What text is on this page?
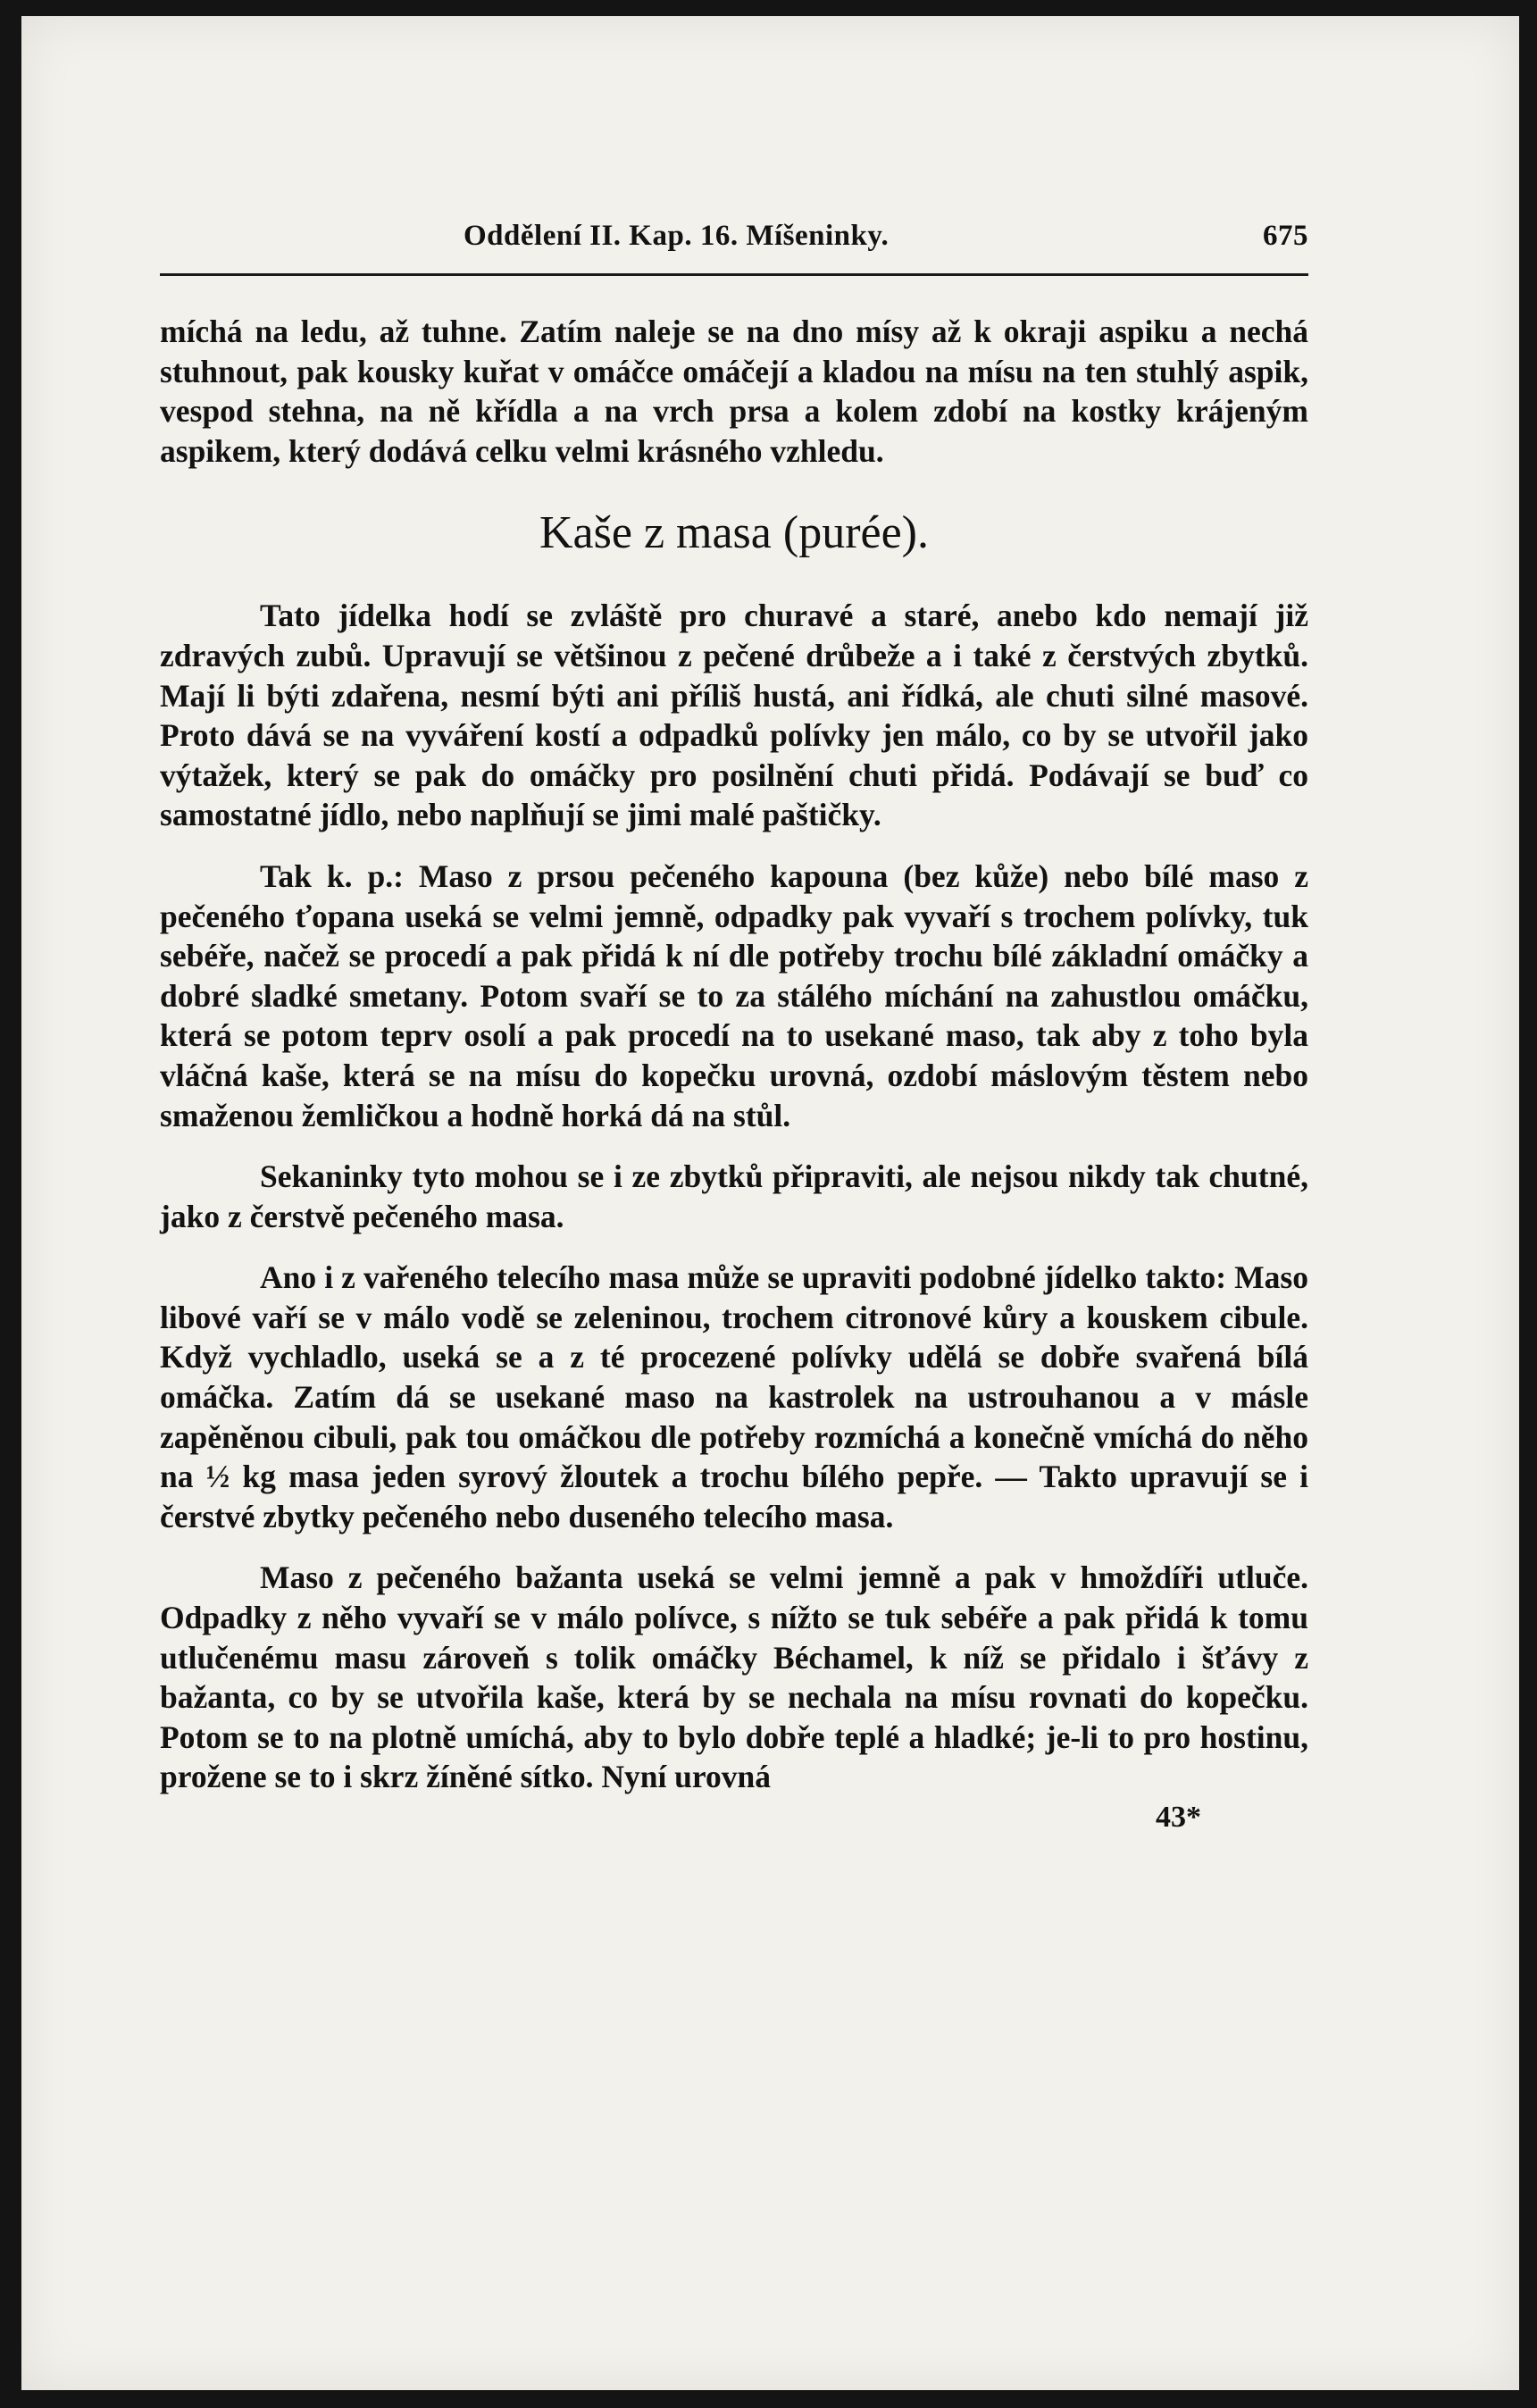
Oddělení II. Kap. 16. Míšeninky.	675

míchá na ledu, až tuhne. Zatím naleje se na dno mísy až k okraji aspiku a nechá stuhnout, pak kousky kuřat v omáčce omáčejí a kladou na mísu na ten stuhlý aspik, vespod stehna, na ně křídla a na vrch prsa a kolem zdobí na kostky krájeným aspikem, který dodává celku velmi krásného vzhledu.

Kaše z masa (purée).

Tato jídelka hodí se zvláště pro churavé a staré, anebo kdo nemají již zdravých zubů. Upravují se většinou z pečené drůbeže a i také z čerstvých zbytků. Mají li býti zdařena, nesmí býti ani příliš hustá, ani řídká, ale chuti silné masové. Proto dává se na vyváření kostí a odpadků polívky jen málo, co by se utvořil jako výtažek, který se pak do omáčky pro posilnění chuti přidá. Podávají se buď co samostatné jídlo, nebo naplňují se jimi malé paštičky.

Tak k. p.: Maso z prsou pečeného kapouna (bez kůže) nebo bílé maso z pečeného ťopana useká se velmi jemně, odpadky pak vyvaří s trochem polívky, tuk sebéře, načež se procedí a pak přidá k ní dle potřeby trochu bílé základní omáčky a dobré sladké smetany. Potom svaří se to za stálého míchání na zahustlou omáčku, která se potom teprv osolí a pak procedí na to usekané maso, tak aby z toho byla vláčná kaše, která se na mísu do kopečku urovná, ozdobí máslovým těstem nebo smaženou žemličkou a hodně horká dá na stůl.

Sekaninky tyto mohou se i ze zbytků připraviti, ale nejsou nikdy tak chutné, jako z čerstvě pečeného masa.

Ano i z vařeného telecího masa může se upraviti podobné jídelko takto: Maso libové vaří se v málo vodě se zeleninou, trochem citronové kůry a kouskem cibule. Když vychladlo, useká se a z té procezené polívky udělá se dobře svařená bílá omáčka. Zatím dá se usekané maso na kastrolek na ustrouhanou a v másle zapěněnou cibuli, pak tou omáčkou dle potřeby rozmíchá a konečně vmíchá do něho na ½ kg masa jeden syrový žloutek a trochu bílého pepře. — Takto upravují se i čerstvé zbytky pečeného nebo duseného telecího masa.

Maso z pečeného bažanta useká se velmi jemně a pak v hmoždíři utluče. Odpadky z něho vyvaří se v málo polívce, s nížto se tuk sebéře a pak přidá k tomu utlučenému masu zároveň s tolik omáčky Béchamel, k níž se přidalo i šťávy z bažanta, co by se utvořila kaše, která by se nechala na mísu rovnati do kopečku. Potom se to na plotně umíchá, aby to bylo dobře teplé a hladké; je-li to pro hostinu, prožene se to i skrz žíněné sítko. Nyní urovná

43*
